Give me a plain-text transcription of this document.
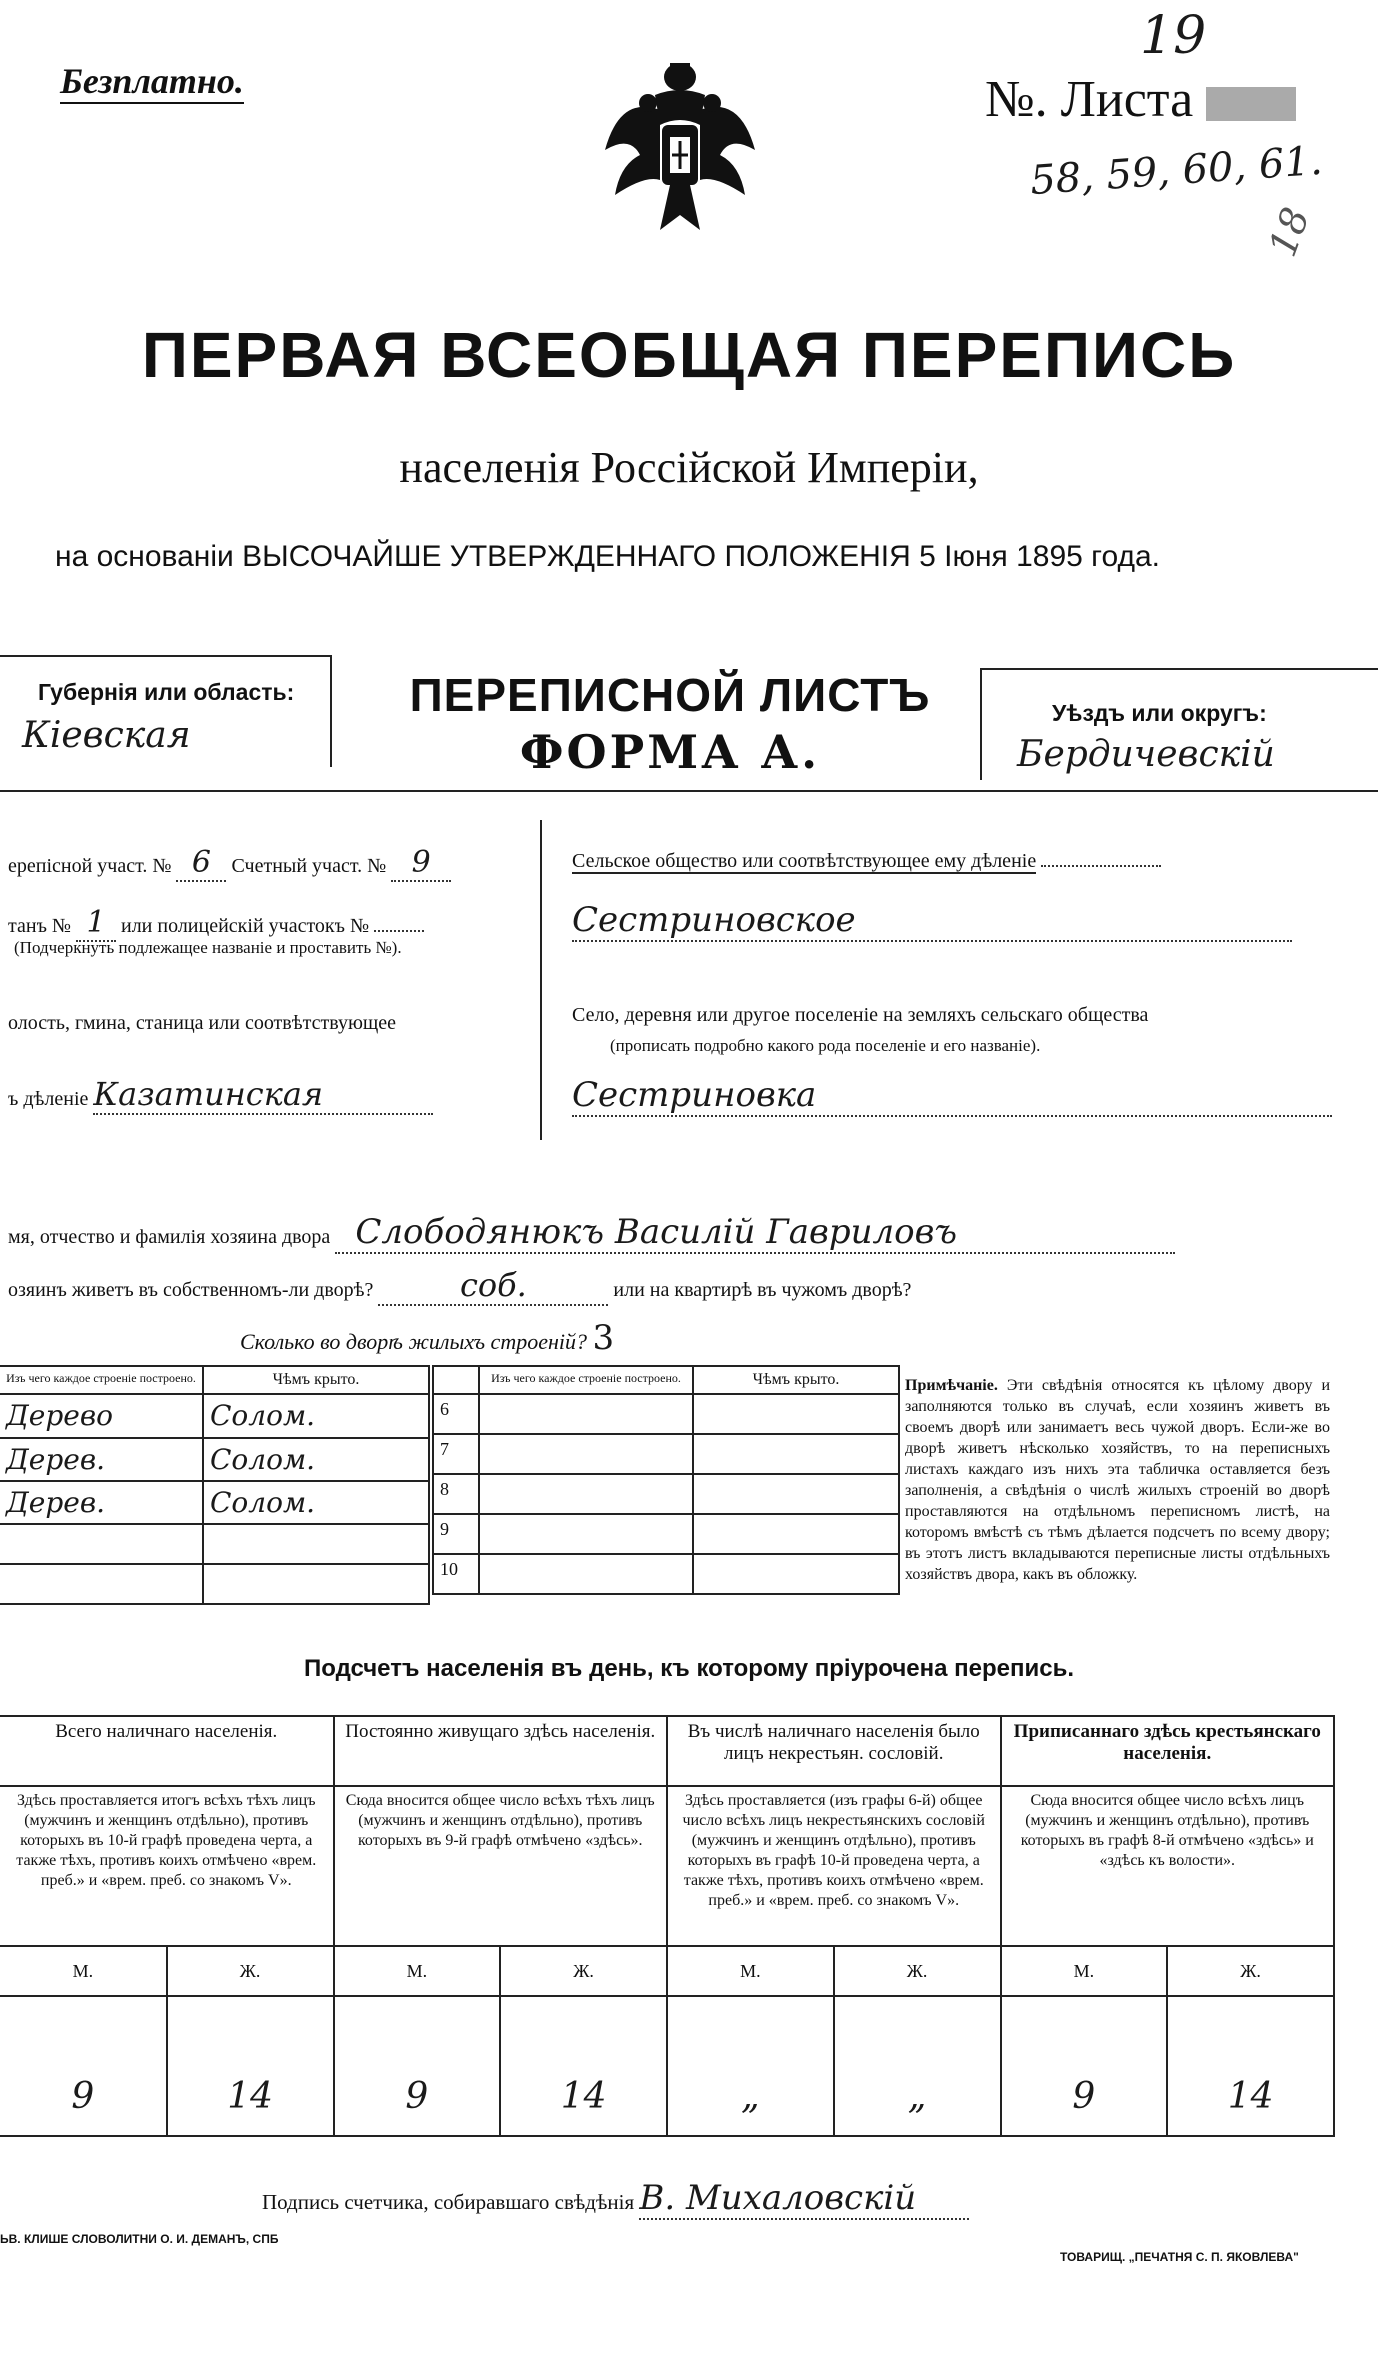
19
Безплатно.	№. Листа
58, 59, 60, 61.
18
ПЕРВАЯ ВСЕОБЩАЯ ПЕРЕПИСЬ
населенія Россійской Имперіи,
на основаніи ВЫСОЧАЙШЕ УТВЕРЖДЕННАГО ПОЛОЖЕНІЯ 5 Іюня 1895 года.
Губернія или область:
Кіевская
ПЕРЕПИСНОЙ ЛИСТЪ
ФОРМА А.
Уѣздъ или округъ:
Бердичевскій
ерепісной участ. № 6 Счетный участ. № 9
танъ № 1 или полицейскій участокъ №
(Подчеркнуть подлежащее названіе и проставить №).
олость, гмина, станица или соотвѣтствующее
ъ дѣленіе Казатинская
Сельское общество или соотвѣтствующее ему дѣленіе
Сестриновское
Село, деревня или другое поселеніе на земляхъ сельскаго общества
(прописать подробно какого рода поселеніе и его названіе).
Сестриновка
мя, отчество и фамилія хозяина двора Слободянюкъ Василій Гавриловъ
озяинъ живетъ въ собственномъ-ли дворѣ?	соб.	или на квартирѣ въ чужомъ дворѣ?
Сколько во дворѣ жилыхъ строеній? 3
Изъ чего каждое строеніе построено.	Чѣмъ крыто.
Дерево	Солом.
Дерев.	Солом.
Дерев.	Солом.

	Изъ чего каждое строеніе построено.	Чѣмъ крыто.
6		
7		
8		
9		
10		
Примѣчаніе. Эти свѣдѣнія относятся къ цѣлому двору и заполняются только въ случаѣ, если хозяинъ живетъ въ своемъ дворѣ или занимаетъ весь чужой дворъ. Если-же во дворѣ живетъ нѣсколько хозяйствъ, то на переписныхъ листахъ каждаго изъ нихъ эта табличка оставляется безъ заполненія, а свѣдѣнія о числѣ жилыхъ строеній во дворѣ проставляются на отдѣльномъ переписномъ листѣ, на которомъ вмѣстѣ съ тѣмъ дѣлается подсчетъ по всему двору; въ этотъ листъ вкладываются переписные листы отдѣльныхъ хозяйствъ двора, какъ въ обложку.
Подсчетъ населенія въ день, къ которому пріурочена перепись.
Всего наличнаго населенія.		Постоянно живущаго здѣсь населенія.		Въ числѣ наличнаго населенія было лицъ некрестьян. сословій.		Приписаннаго здѣсь крестьянскаго населенія.	
Здѣсь проставляется итогъ всѣхъ тѣхъ лицъ (мужчинъ и женщинъ отдѣльно), противъ которыхъ въ 10-й графѣ проведена черта, а также тѣхъ, противъ коихъ отмѣчено «врем. преб.» и «врем. преб. со знакомъ V».		Сюда вносится общее число всѣхъ тѣхъ лицъ (мужчинъ и женщинъ отдѣльно), противъ которыхъ въ 9-й графѣ отмѣчено «здѣсь».		Здѣсь проставляется (изъ графы 6-й) общее число всѣхъ лицъ некрестьянскихъ сословій (мужчинъ и женщинъ отдѣльно), противъ которыхъ въ графѣ 10-й проведена черта, а также тѣхъ, противъ коихъ отмѣчено «врем. преб.» и «врем. преб. со знакомъ V».		Сюда вносится общее число всѣхъ лицъ (мужчинъ и женщинъ отдѣльно), противъ которыхъ въ графѣ 8-й отмѣчено «здѣсь» и «здѣсь къ волости».	
М.	Ж.	М.	Ж.	М.	Ж.	М.	Ж.
9	14	9	14	„	„	9	14
Подпись счетчика, собиравшаго свѣдѣнія В. Михаловскій
ЬВ. КЛИШЕ СЛОВОЛИТНИ О. И. ДЕМАНЪ, СПБ
ТОВАРИЩ. „ПЕЧАТНЯ С. П. ЯКОВЛЕВА"
